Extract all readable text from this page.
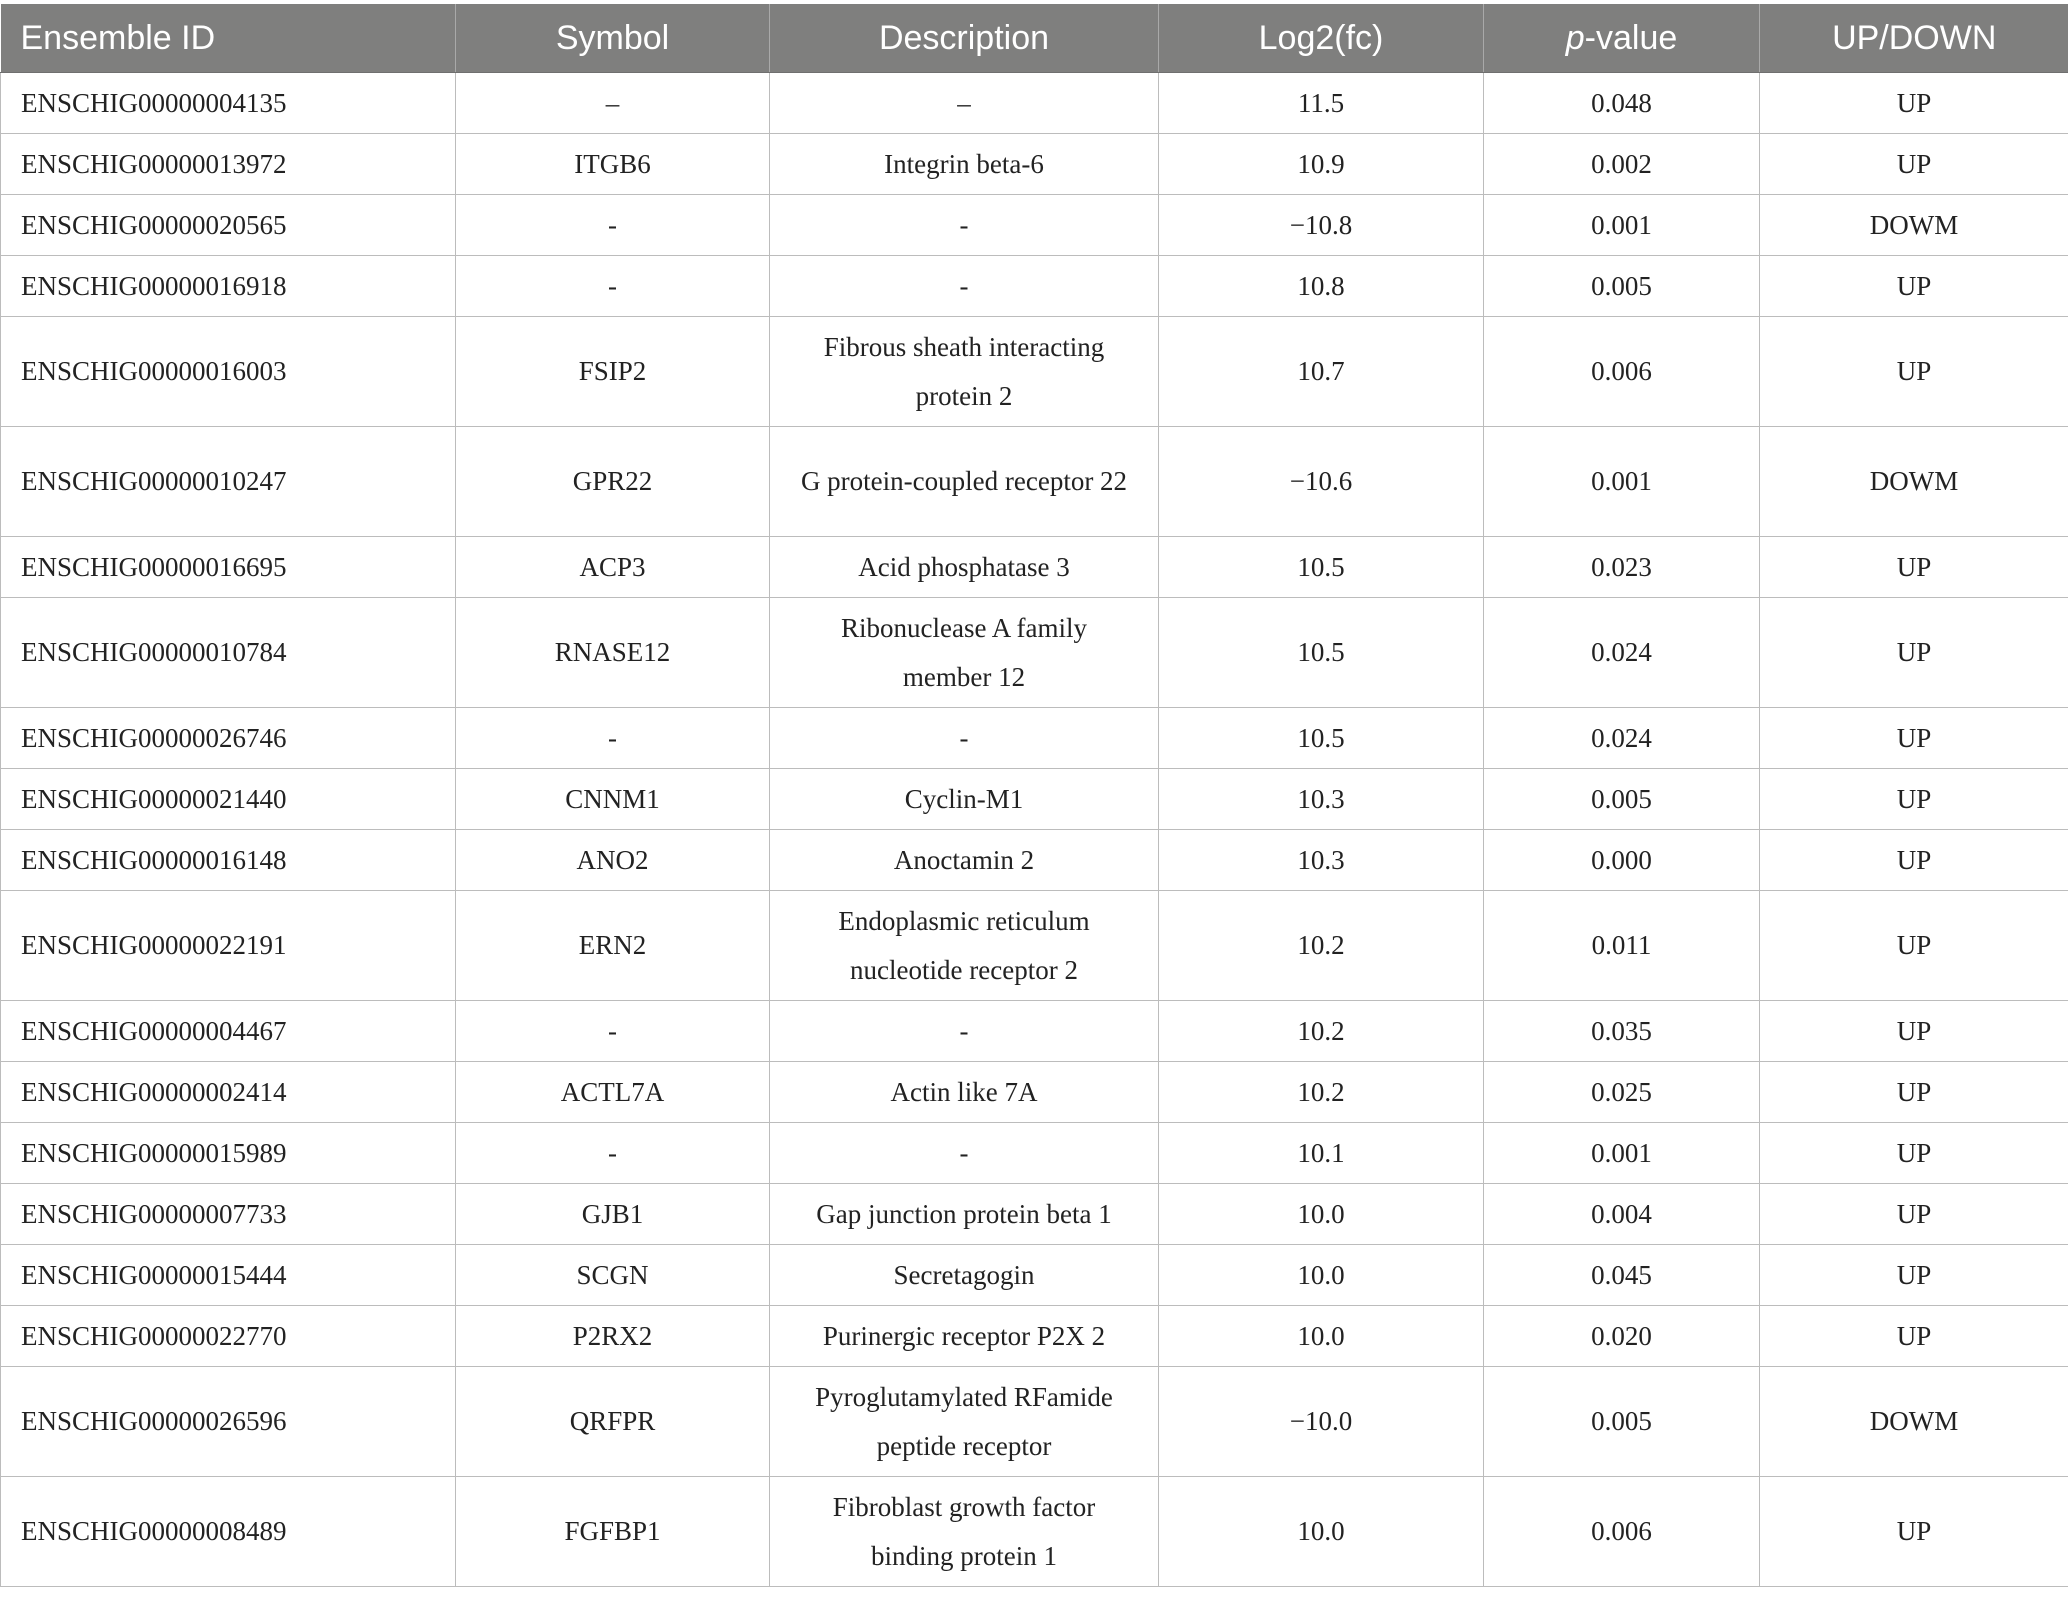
Ensemble ID	Symbol	Description	Log2(fc)	p-value	UP/DOWN
ENSCHIG00000004135	–	–	11.5	0.048	UP
ENSCHIG00000013972	ITGB6	Integrin beta-6	10.9	0.002	UP
ENSCHIG00000020565	-	-	−10.8	0.001	DOWM
ENSCHIG00000016918	-	-	10.8	0.005	UP
ENSCHIG00000016003	FSIP2	Fibrous sheath interacting protein 2	10.7	0.006	UP
ENSCHIG00000010247	GPR22	G protein-coupled receptor 22	−10.6	0.001	DOWM
ENSCHIG00000016695	ACP3	Acid phosphatase 3	10.5	0.023	UP
ENSCHIG00000010784	RNASE12	Ribonuclease A family member 12	10.5	0.024	UP
ENSCHIG00000026746	-	-	10.5	0.024	UP
ENSCHIG00000021440	CNNM1	Cyclin-M1	10.3	0.005	UP
ENSCHIG00000016148	ANO2	Anoctamin 2	10.3	0.000	UP
ENSCHIG00000022191	ERN2	Endoplasmic reticulum nucleotide receptor 2	10.2	0.011	UP
ENSCHIG00000004467	-	-	10.2	0.035	UP
ENSCHIG00000002414	ACTL7A	Actin like 7A	10.2	0.025	UP
ENSCHIG00000015989	-	-	10.1	0.001	UP
ENSCHIG00000007733	GJB1	Gap junction protein beta 1	10.0	0.004	UP
ENSCHIG00000015444	SCGN	Secretagogin	10.0	0.045	UP
ENSCHIG00000022770	P2RX2	Purinergic receptor P2X 2	10.0	0.020	UP
ENSCHIG00000026596	QRFPR	Pyroglutamylated RFamide peptide receptor	−10.0	0.005	DOWM
ENSCHIG00000008489	FGFBP1	Fibroblast growth factor binding protein 1	10.0	0.006	UP
